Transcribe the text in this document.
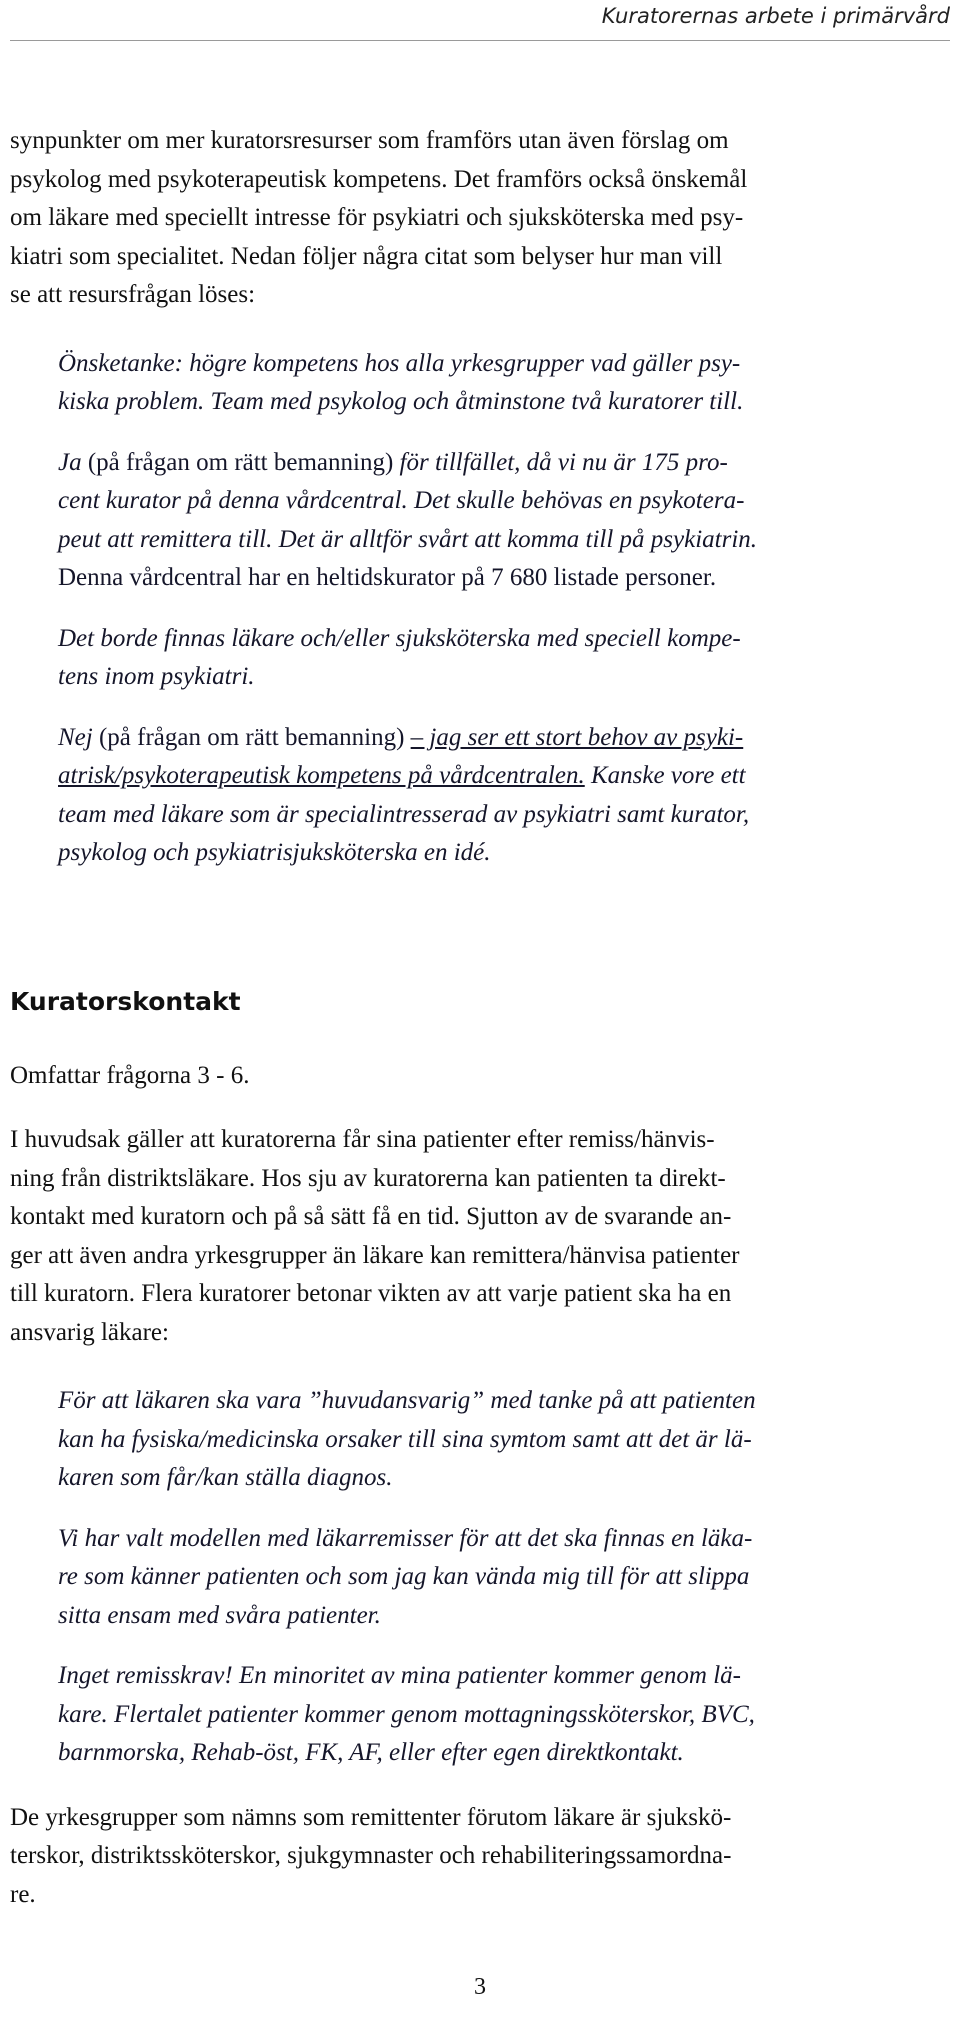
Kuratorernas arbete i primärvård

synpunkter om mer kuratorsresurser som framförs utan även förslag om
psykolog med psykoterapeutisk kompetens. Det framförs också önskemål
om läkare med speciellt intresse för psykiatri och sjuksköterska med psy-
kiatri som specialitet. Nedan följer några citat som belyser hur man vill
se att resursfrågan löses:

Önsketanke: högre kompetens hos alla yrkesgrupper vad gäller psy-
kiska problem. Team med psykolog och åtminstone två kuratorer till.

Ja (på frågan om rätt bemanning) för tillfället, då vi nu är 175 pro-
cent kurator på denna vårdcentral. Det skulle behövas en psykotera-
peut att remittera till. Det är alltför svårt att komma till på psykiatrin.
Denna vårdcentral har en heltidskurator på 7 680 listade personer.

Det borde finnas läkare och/eller sjuksköterska med speciell kompe-
tens inom psykiatri.

Nej (på frågan om rätt bemanning) – jag ser ett stort behov av psyki-
atrisk/psykoterapeutisk kompetens på vårdcentralen. Kanske vore ett
team med läkare som är specialintresserad av psykiatri samt kurator,
psykolog och psykiatrisjuksköterska en idé.

Kuratorskontakt

Omfattar frågorna 3 - 6.

I huvudsak gäller att kuratorerna får sina patienter efter remiss/hänvis-
ning från distriktsläkare. Hos sju av kuratorerna kan patienten ta direkt-
kontakt med kuratorn och på så sätt få en tid. Sjutton av de svarande an-
ger att även andra yrkesgrupper än läkare kan remittera/hänvisa patienter
till kuratorn. Flera kuratorer betonar vikten av att varje patient ska ha en
ansvarig läkare:

För att läkaren ska vara ”huvudansvarig” med tanke på att patienten
kan ha fysiska/medicinska orsaker till sina symtom samt att det är lä-
karen som får/kan ställa diagnos.

Vi har valt modellen med läkarremisser för att det ska finnas en läka-
re som känner patienten och som jag kan vända mig till för att slippa
sitta ensam med svåra patienter.

Inget remisskrav! En minoritet av mina patienter kommer genom lä-
kare. Flertalet patienter kommer genom mottagningssköterskor, BVC,
barnmorska, Rehab-öst, FK, AF, eller efter egen direktkontakt.

De yrkesgrupper som nämns som remittenter förutom läkare är sjukskö-
terskor, distriktssköterskor, sjukgymnaster och rehabiliteringssamordna-
re.

3
